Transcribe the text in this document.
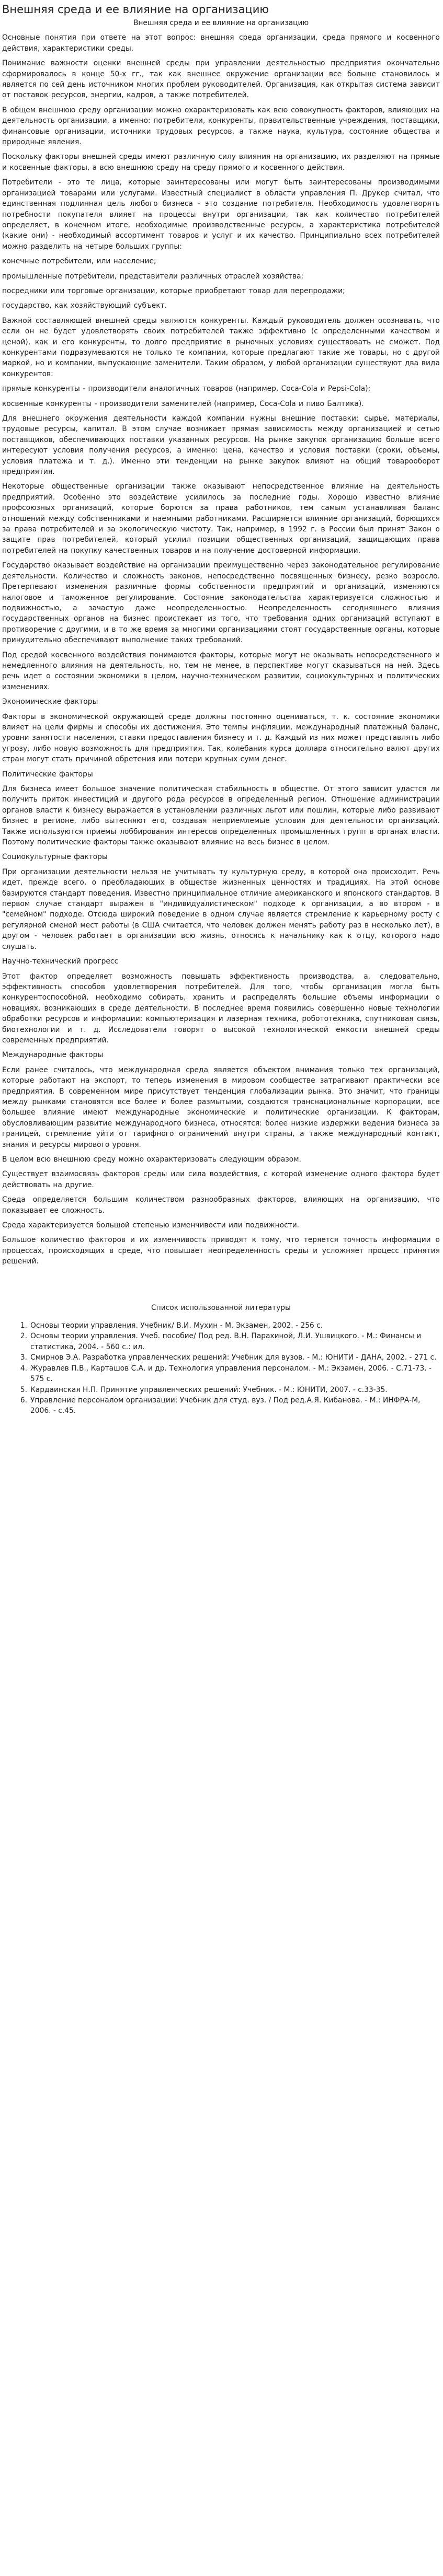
Внешняя среда и ее влияние на организацию
Внешняя среда и ее влияние на организацию

Основные понятия при ответе на этот вопрос: внешняя среда организации, среда прямого и косвенного действия, характеристики среды.

Понимание важности оценки внешней среды при управлении деятельностью предприятия окончательно сформировалось в конце 50-х гг., так как внешнее окружение организации все больше становилось и является по сей день источником многих проблем руководителей. Организация, как открытая система зависит от поставок ресурсов, энергии, кадров, а также потребителей.

В общем внешнюю среду организации можно охарактеризовать как всю совокупность факторов, влияющих на деятельность организации, а именно: потребители, конкуренты, правительственные учреждения, поставщики, финансовые организации, источники трудовых ресурсов, а также наука, культура, состояние общества и природные явления.

Поскольку факторы внешней среды имеют различную силу влияния на организацию, их разделяют на прямые и косвенные факторы, а всю внешнюю среду на среду прямого и косвенного действия.

Потребители - это те лица, которые заинтересованы или могут быть заинтересованы производимыми организацией товарами или услугами. Известный специалист в области управления П. Друкер считал, что единственная подлинная цель любого бизнеса - это создание потребителя. Необходимость удовлетворять потребности покупателя влияет на процессы внутри организации, так как количество потребителей определяет, в конечном итоге, необходимые производственные ресурсы, а характеристика потребителей (какие они) - необходимый ассортимент товаров и услуг и их качество. Принципиально всех потребителей можно разделить на четыре больших группы:

конечные потребители, или население;

промышленные потребители, представители различных отраслей хозяйства;

посредники или торговые организации, которые приобретают товар для перепродажи;

государство, как хозяйствующий субъект.

Важной составляющей внешней среды являются конкуренты. Каждый руководитель должен осознавать, что если он не будет удовлетворять своих потребителей также эффективно (с определенными качеством и ценой), как и его конкуренты, то долго предприятие в рыночных условиях существовать не сможет. Под конкурентами подразумеваются не только те компании, которые предлагают такие же товары, но с другой маркой, но и компании, выпускающие заменители. Таким образом, у любой организации существуют два вида конкурентов:

прямые конкуренты - производители аналогичных товаров (например, Coca-Cola и Pepsi-Cola);

косвенные конкуренты - производители заменителей (например, Coca-Cola и пиво Балтика).

Для внешнего окружения деятельности каждой компании нужны внешние поставки: сырье, материалы, трудовые ресурсы, капитал. В этом случае возникает прямая зависимость между организацией и сетью поставщиков, обеспечивающих поставки указанных ресурсов. На рынке закупок организацию больше всего интересуют условия получения ресурсов, а именно: цена, качество и условия поставки (сроки, объемы, условия платежа и т. д.). Именно эти тенденции на рынке закупок влияют на общий товарооборот предприятия.

Некоторые общественные организации также оказывают непосредственное влияние на деятельность предприятий. Особенно это воздействие усилилось за последние годы. Хорошо известно влияние профсоюзных организаций, которые борются за права работников, тем самым устанавливая баланс отношений между собственниками и наемными работниками. Расширяется влияние организаций, борющихся за права потребителей и за экологическую чистоту. Так, например, в 1992 г. в России был принят Закон о защите прав потребителей, который усилил позиции общественных организаций, защищающих права потребителей на покупку качественных товаров и на получение достоверной информации.

Государство оказывает воздействие на организации преимущественно через законодательное регулирование деятельности. Количество и сложность законов, непосредственно посвященных бизнесу, резко возросло. Претерпевают изменения различные формы собственности предприятий и организаций, изменяются налоговое и таможенное регулирование. Состояние законодательства характеризуется сложностью и подвижностью, а зачастую даже неопределенностью. Неопределенность сегодняшнего влияния государственных органов на бизнес проистекает из того, что требования одних организаций вступают в противоречие с другими, и в то же время за многими организациями стоят государственные органы, которые принудительно обеспечивают выполнение таких требований.

Под средой косвенного воздействия понимаются факторы, которые могут не оказывать непосредственного и немедленного влияния на деятельность, но, тем не менее, в перспективе могут сказываться на ней. Здесь речь идет о состоянии экономики в целом, научно-техническом развитии, социокультурных и политических изменениях.

Экономические факторы

Факторы в экономической окружающей среде должны постоянно оцениваться, т. к. состояние экономики влияет на цели фирмы и способы их достижения. Это темпы инфляции, международный платежный баланс, уровни занятости населения, ставки предоставления бизнесу и т. д. Каждый из них может представлять либо угрозу, либо новую возможность для предприятия. Так, колебания курса доллара относительно валют других стран могут стать причиной обретения или потери крупных сумм денег.

Политические факторы

Для бизнеса имеет большое значение политическая стабильность в обществе. От этого зависит удастся ли получить приток инвестиций и другого рода ресурсов в определенный регион. Отношение администрации органов власти к бизнесу выражается в установлении различных льгот или пошлин, которые либо развивают бизнес в регионе, либо вытесняют его, создавая неприемлемые условия для деятельности организаций. Также используются приемы лоббирования интересов определенных промышленных групп в органах власти. Поэтому политические факторы также оказывают влияние на весь бизнес в целом.

Социокультурные факторы

При организации деятельности нельзя не учитывать ту культурную среду, в которой она происходит. Речь идет, прежде всего, о преобладающих в обществе жизненных ценностях и традициях. На этой основе базируются стандарт поведения. Известно принципиальное отличие американского и японского стандартов. В первом случае стандарт выражен в "индивидуалистическом" подходе к организации, а во втором - в "семейном" подходе. Отсюда широкий поведение в одном случае является стремление к карьерному росту с регулярной сменой мест работы (в США считается, что человек должен менять работу раз в несколько лет), в другом - человек работает в организации всю жизнь, относясь к начальнику как к отцу, которого надо слушать.

Научно-технический прогресс

Этот фактор определяет возможность повышать эффективность производства, а, следовательно, эффективность способов удовлетворения потребителей. Для того, чтобы организация могла быть конкурентоспособной, необходимо собирать, хранить и распределять большие объемы информации о новациях, возникающих в среде деятельности. В последнее время появились совершенно новые технологии обработки ресурсов и информации: компьютеризация и лазерная техника, робототехника, спутниковая связь, биотехнологии и т. д. Исследователи говорят о высокой технологической емкости внешней среды современных предприятий.

Международные факторы

Если ранее считалось, что международная среда является объектом внимания только тех организаций, которые работают на экспорт, то теперь изменения в мировом сообществе затрагивают практически все предприятия. В современном мире присутствует тенденция глобализации рынка. Это значит, что границы между рынками становятся все более и более размытыми, создаются транснациональные корпорации, все большее влияние имеют международные экономические и политические организации. К факторам, обусловливающим развитие международного бизнеса, относятся: более низкие издержки ведения бизнеса за границей, стремление уйти от тарифного ограничений внутри страны, а также международный контакт, знания и ресурсы мирового уровня.

В целом всю внешнюю среду можно охарактеризовать следующим образом.

Существует взаимосвязь факторов среды или сила воздействия, с которой изменение одного фактора будет действовать на другие.

Среда определяется большим количеством разнообразных факторов, влияющих на организацию, что показывает ее сложность.

Среда характеризуется большой степенью изменчивости или подвижности.

Большое количество факторов и их изменчивость приводят к тому, что теряется точность информации о процессах, происходящих в среде, что повышает неопределенность среды и усложняет процесс принятия решений.

Список использованной литературы
1. Основы теории управления. Учебник/ В.И. Мухин - М. Экзамен, 2002. - 256 с.
2. Основы теории управления. Учеб. пособие/ Под ред. В.Н. Парахиной, Л.И. Ушвицкого. - М.: Финансы и статистика, 2004. - 560 с.: ил.
3. Смирнов Э.А. Разработка управленческих решений: Учебник для вузов. - М.: ЮНИТИ - ДАНА, 2002. - 271 с.
4. Журавлев П.В., Карташов С.А. и др. Технология управления персоналом. - М.: Экзамен, 2006. - С.71-73. - 575 с.
5. Кардаинская Н.П. Принятие управленческих решений: Учебник. - М.: ЮНИТИ, 2007. - с.33-35.
6. Управление персоналом организации: Учебник для студ. вуз. / Под ред.А.Я. Кибанова. - М.: ИНФРА-М, 2006. - с.45.
